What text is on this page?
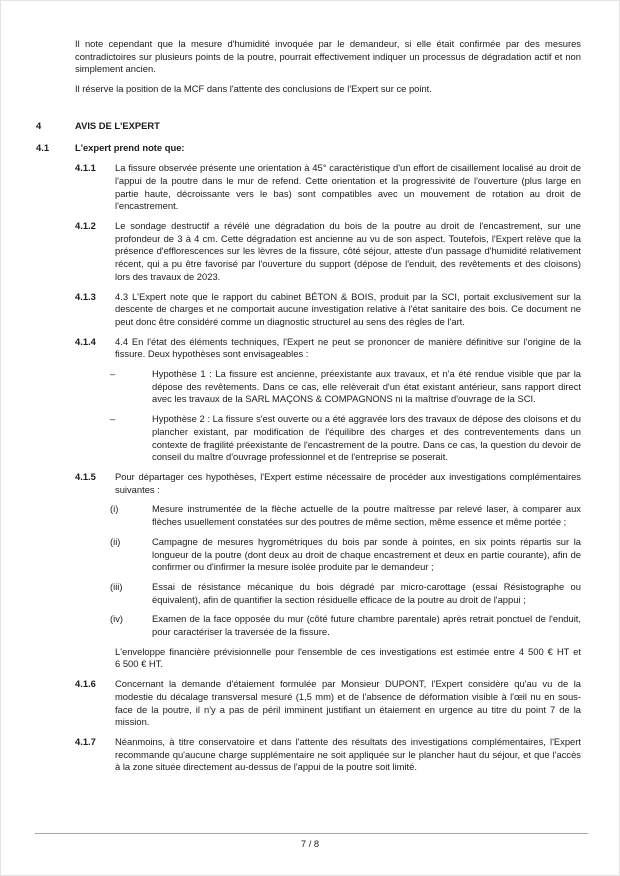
Il note cependant que la mesure d'humidité invoquée par le demandeur, si elle était confirmée par des mesures contradictoires sur plusieurs points de la poutre, pourrait effectivement indiquer un processus de dégradation actif et non simplement ancien.

Il réserve la position de la MCF dans l'attente des conclusions de l'Expert sur ce point.

4	AVIS DE L'EXPERT
4.1	L'expert prend note que:
4.1.1	La fissure observée présente une orientation à 45° caractéristique d'un effort de cisaillement localisé au droit de l'appui de la poutre dans le mur de refend. Cette orientation et la progressivité de l'ouverture (plus large en partie haute, décroissante vers le bas) sont compatibles avec un mouvement de rotation au droit de l'encastrement.

4.1.2	Le sondage destructif a révélé une dégradation du bois de la poutre au droit de l'encastrement, sur une profondeur de 3 à 4 cm. Cette dégradation est ancienne au vu de son aspect. Toutefois, l'Expert relève que la présence d'efflorescences sur les lèvres de la fissure, côté séjour, atteste d'un passage d'humidité relativement récent, qui a pu être favorisé par l'ouverture du support (dépose de l'enduit, des revêtements et des cloisons) lors des travaux de 2023.

4.1.3	4.3 L'Expert note que le rapport du cabinet BÉTON & BOIS, produit par la SCI, portait exclusivement sur la descente de charges et ne comportait aucune investigation relative à l'état sanitaire des bois. Ce document ne peut donc être considéré comme un diagnostic structurel au sens des règles de l'art.

4.1.4	4.4 En l'état des éléments techniques, l'Expert ne peut se prononcer de manière définitive sur l'origine de la fissure. Deux hypothèses sont envisageables :

–	Hypothèse 1 : La fissure est ancienne, préexistante aux travaux, et n'a été rendue visible que par la dépose des revêtements. Dans ce cas, elle relèverait d'un état existant antérieur, sans rapport direct avec les travaux de la SARL MAÇONS & COMPAGNONS ni la maîtrise d'ouvrage de la SCI.

–	Hypothèse 2 : La fissure s'est ouverte ou a été aggravée lors des travaux de dépose des cloisons et du plancher existant, par modification de l'équilibre des charges et des contreventements dans un contexte de fragilité préexistante de l'encastrement de la poutre. Dans ce cas, la question du devoir de conseil du maître d'ouvrage professionnel et de l'entreprise se poserait.

4.1.5	Pour départager ces hypothèses, l'Expert estime nécessaire de procéder aux investigations complémentaires suivantes :

(i)	Mesure instrumentée de la flèche actuelle de la poutre maîtresse par relevé laser, à comparer aux flèches usuellement constatées sur des poutres de même section, même essence et même portée ;

(ii)	Campagne de mesures hygrométriques du bois par sonde à pointes, en six points répartis sur la longueur de la poutre (dont deux au droit de chaque encastrement et deux en partie courante), afin de confirmer ou d'infirmer la mesure isolée produite par le demandeur ;

(iii)	Essai de résistance mécanique du bois dégradé par micro-carottage (essai Résistographe ou équivalent), afin de quantifier la section résiduelle efficace de la poutre au droit de l'appui ;

(iv)	Examen de la face opposée du mur (côté future chambre parentale) après retrait ponctuel de l'enduit, pour caractériser la traversée de la fissure.

L'enveloppe financière prévisionnelle pour l'ensemble de ces investigations est estimée entre 4 500 € HT et 6 500 € HT.

4.1.6	Concernant la demande d'étaiement formulée par Monsieur DUPONT, l'Expert considère qu'au vu de la modestie du décalage transversal mesuré (1,5 mm) et de l'absence de déformation visible à l'œil nu en sous-face de la poutre, il n'y a pas de péril imminent justifiant un étaiement en urgence au titre du point 7 de la mission.

4.1.7	Néanmoins, à titre conservatoire et dans l'attente des résultats des investigations complémentaires, l'Expert recommande qu'aucune charge supplémentaire ne soit appliquée sur le plancher haut du séjour, et que l'accès à la zone située directement au-dessus de l'appui de la poutre soit limité.

7 / 8
